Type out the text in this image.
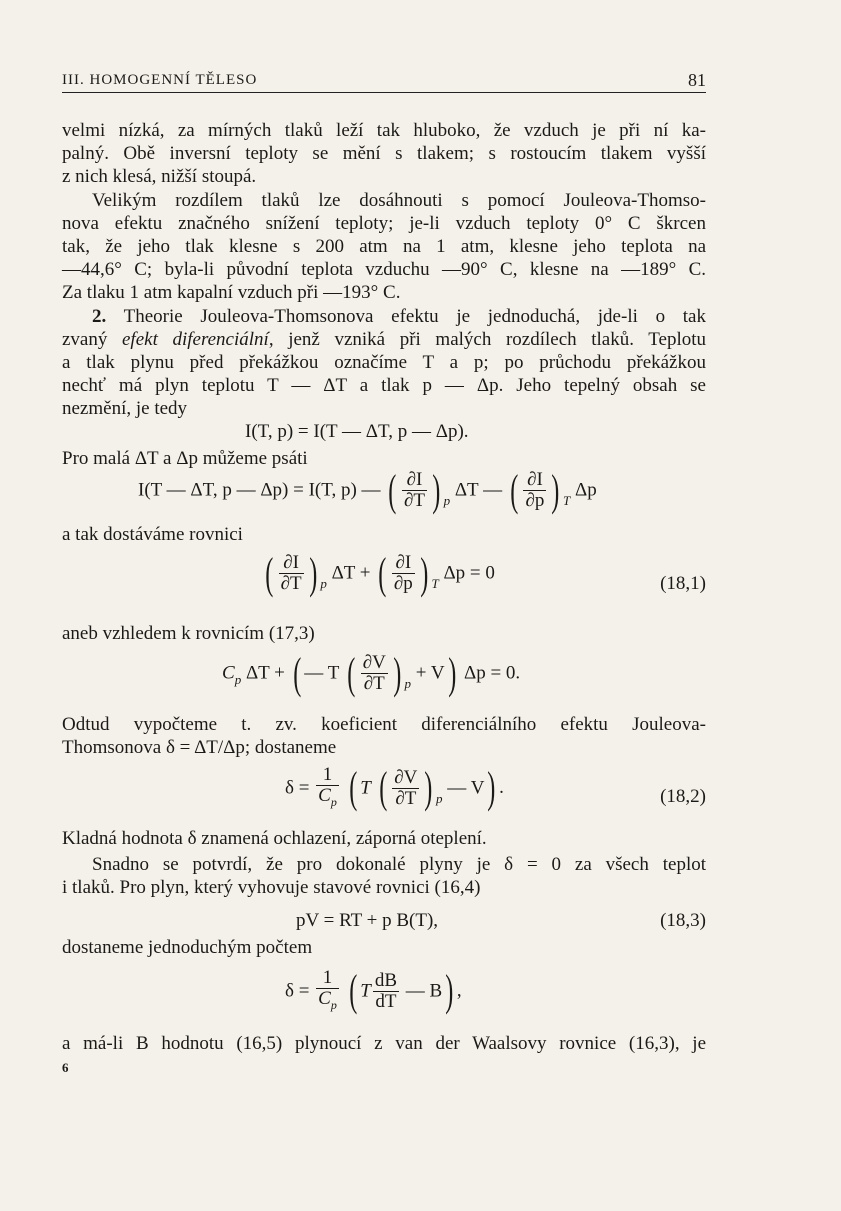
III. HOMOGENNÍ TĚLESO	81
velmi nízká, za mírných tlaků leží tak hluboko, že vzduch je při ní ka-
palný. Obě inversní teploty se mění s tlakem; s rostoucím tlakem vyšší
z nich klesá, nižší stoupá.
Velikým rozdílem tlaků lze dosáhnouti s pomocí Jouleova-Thomso-
nova efektu značného snížení teploty; je-li vzduch teploty 0° C škrcen
tak, že jeho tlak klesne s 200 atm na 1 atm, klesne jeho teplota na
—44,6° C; byla-li původní teplota vzduchu —90° C, klesne na —189° C.
Za tlaku 1 atm kapalní vzduch při —193° C.
2. Theorie Jouleova-Thomsonova efektu je jednoduchá, jde-li o tak
zvaný efekt diferenciální, jenž vzniká při malých rozdílech tlaků. Teplotu
a tlak plynu před překážkou označíme T a p; po průchodu překážkou
nechť má plyn teplotu T — ΔT a tlak p — Δp. Jeho tepelný obsah se
nezmění, je tedy
I(T, p) = I(T — ΔT, p — Δp).
Pro malá ΔT a Δp můžeme psáti
I(T — ΔT, p — Δp) = I(T, p) — ( $\frac{\partial I}{\partial T}$ ) $_p$ ΔT — ( $\frac{\partial I}{\partial p}$ ) $_T$ Δp
a tak dostáváme rovnici
( $\frac{\partial I}{\partial T}$ ) $_p$ ΔT + ( $\frac{\partial I}{\partial p}$ ) $_T$ Δp = 0	(18,1)
aneb vzhledem k rovnicím (17,3)
$C_p$ ΔT + ( — T ( $\frac{\partial V}{\partial T}$ ) $_p$ + V) Δp = 0.
Odtud vypočteme t. zv. koeficient diferenciálního efektu Jouleova-
Thomsonova δ = ΔT/Δp; dostaneme
$\delta = \frac{1}{C_p}$ ( T ( $\frac{\partial V}{\partial T}$ ) $_p$ — V) .	(18,2)
Kladná hodnota δ znamená ochlazení, záporná oteplení.
Snadno se potvrdí, že pro dokonalé plyny je δ = 0 za všech teplot
i tlaků. Pro plyn, který vyhovuje stavové rovnici (16,4)
pV = RT + p B(T),	(18,3)
dostaneme jednoduchým počtem
$\delta = \frac{1}{C_p}$ ( T $\frac{dB}{dT}$ — B) ,
a má-li B hodnotu (16,5) plynoucí z van der Waalsovy rovnice (16,3), je
6
